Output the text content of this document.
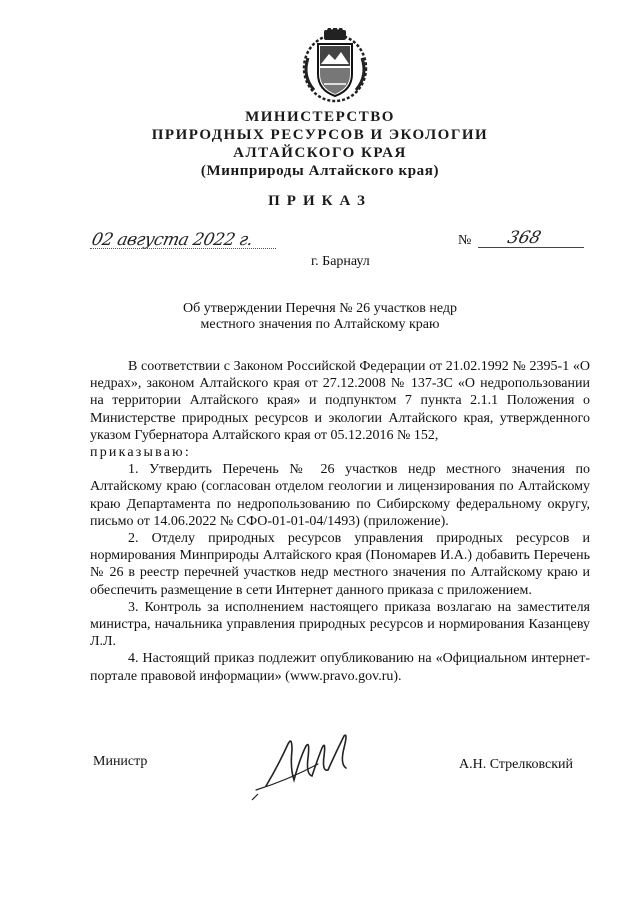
МИНИСТЕРСТВО
ПРИРОДНЫХ РЕСУРСОВ И ЭКОЛОГИИ
АЛТАЙСКОГО КРАЯ
(Минприроды Алтайского края)
ПРИКАЗ
02 августа 2022 г.	№ 368
г. Барнаул
Об утверждении Перечня № 26 участков недр
местного значения по Алтайскому краю

В соответствии с Законом Российской Федерации от 21.02.1992 № 2395-1 «О недрах», законом Алтайского края от 27.12.2008 № 137-ЗС «О недропользовании на территории Алтайского края» и подпунктом 7 пункта 2.1.1 Положения о Министерстве природных ресурсов и экологии Алтайского края, утвержденного указом Губернатора Алтайского края от 05.12.2016 № 152,

приказываю:

1. Утвердить Перечень № 26 участков недр местного значения по Алтайскому краю (согласован отделом геологии и лицензирования по Алтайскому краю Департамента по недропользованию по Сибирскому федеральному округу, письмо от 14.06.2022 № СФО-01-01-04/1493) (приложение).

2. Отделу природных ресурсов управления природных ресурсов и нормирования Минприроды Алтайского края (Пономарев И.А.) добавить Перечень № 26 в реестр перечней участков недр местного значения по Алтайскому краю и обеспечить размещение в сети Интернет данного приказа с приложением.

3. Контроль за исполнением настоящего приказа возлагаю на заместителя министра, начальника управления природных ресурсов и нормирования Казанцеву Л.Л.

4. Настоящий приказ подлежит опубликованию на «Официальном интернет-портале правовой информации» (www.pravo.gov.ru).

Министр	А.Н. Стрелковский
